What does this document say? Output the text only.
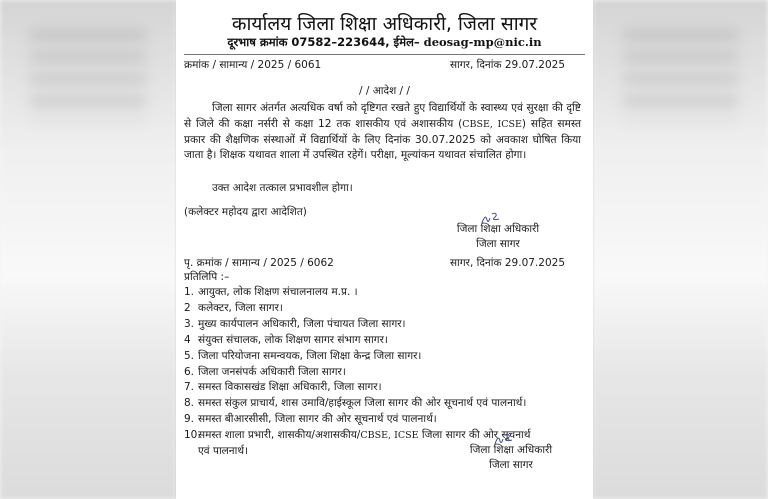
कार्यालय जिला शिक्षा अधिकारी, जिला सागर
दूरभाष क्रमांक 07582–223644, ईमेल– deosag-mp@nic.in
क्रमांक / सामान्य / 2025 / 6061	सागर, दिनांक 29.07.2025
/ / आदेश / /
जिला सागर अंतर्गत अत्यधिक वर्षा को दृष्टिगत रखते हुए विद्यार्थियों के स्वास्थ्य एवं सुरक्षा की दृष्टि से जिले की कक्षा नर्सरी से कक्षा 12 तक शासकीय एवं अशासकीय (CBSE, ICSE) सहित समस्त प्रकार की शैक्षणिक संस्थाओं में विद्यार्थियों के लिए दिनांक 30.07.2025 को अवकाश घोषित किया जाता है। शिक्षक यथावत शाला में उपस्थित रहेगें। परीक्षा, मूल्यांकन यथावत संचालित होगा।
उक्त आदेश तत्काल प्रभावशील होगा।
(कलेक्टर महोदय द्वारा आदेशित)
जिला शिक्षा अधिकारी
जिला सागर
पृ. क्रमांक / सामान्य / 2025 / 6062	सागर, दिनांक 29.07.2025
प्रतिलिपि :–
1. आयुक्त, लोक शिक्षण संचालनालय म.प्र. ।
2 कलेक्टर, जिला सागर।
3. मुख्य कार्यपालन अधिकारी, जिला पंचायत जिला सागर।
4 संयुक्त संचालक, लोक शिक्षण सागर संभाग सागर।
5. जिला परियोजना समन्वयक, जिला शिक्षा केन्द्र जिला सागर।
6. जिला जनसंपर्क अधिकारी जिला सागर।
7. समस्त विकासखंड शिक्षा अधिकारी, जिला सागर।
8. समस्त संकुल प्राचार्य, शास उमावि/हाईस्कूल जिला सागर की ओर सूचनार्थ एवं पालनार्थ।
9. समस्त बीआरसीसी, जिला सागर की ओर सूचनार्थ एवं पालनार्थ।
10.
समस्त शाला प्रभारी, शासकीय/अशासकीय/CBSE, ICSE जिला सागर की ओर सूचनार्थ
एवं पालनार्थ।	जिला शिक्षा अधिकारी
जिला सागर
